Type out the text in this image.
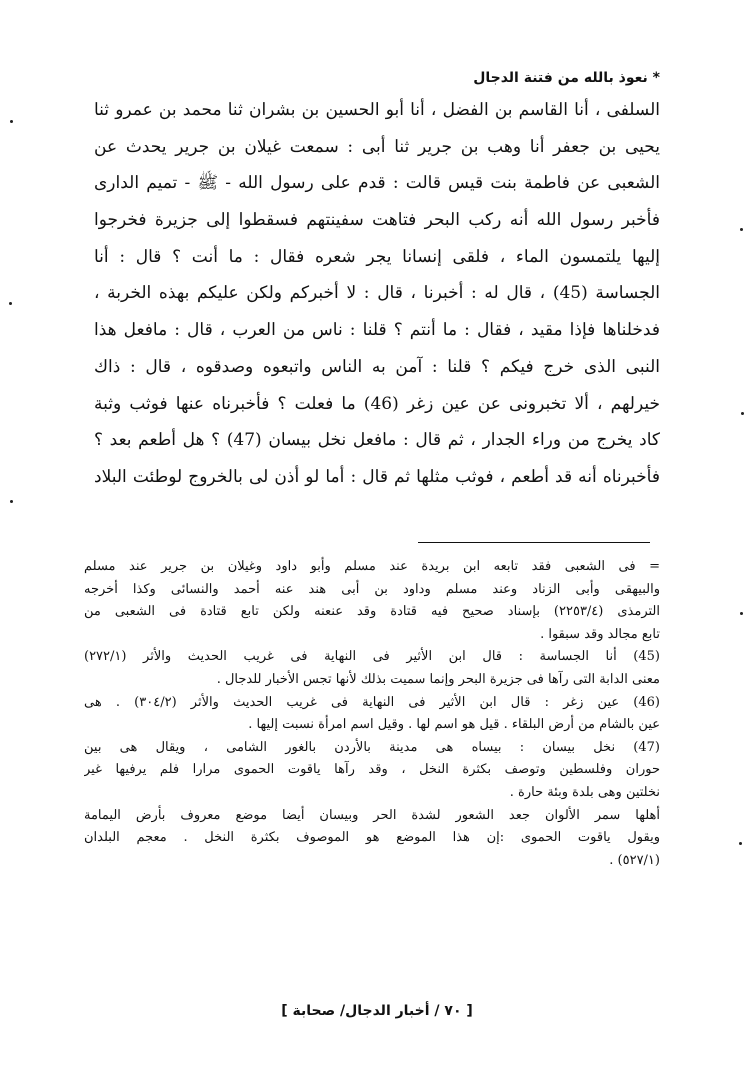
* نعوذ بالله من فتنة الدجال
السلفى ، أنا القاسم بن الفضل ، أنا أبو الحسين بن بشران ثنا محمد بن عمرو ثنا
يحيى بن جعفر أنا وهب بن جرير ثنا أبى : سمعت غيلان بن جرير يحدث عن
الشعبى عن فاطمة بنت قيس قالت : قدم على رسول الله - ﷺ - تميم الدارى
فأخبر رسول الله أنه ركب البحر فتاهت سفينتهم فسقطوا إلى جزيرة فخرجوا
إليها يلتمسون الماء ، فلقى إنسانا يجر شعره فقال : ما أنت ؟ قال : أنا
الجساسة (45) ، قال له : أخبرنا ، قال : لا أخبركم ولكن عليكم بهذه الخربة ،
فدخلناها فإذا مقيد ، فقال : ما أنتم ؟ قلنا : ناس من العرب ، قال : مافعل هذا
النبى الذى خرج فيكم ؟ قلنا : آمن به الناس واتبعوه وصدقوه ، قال : ذاك
خيرلهم ، ألا تخبرونى عن عين زغر (46) ما فعلت ؟ فأخبرناه عنها فوثب وثبة
كاد يخرج من وراء الجدار ، ثم قال : مافعل نخل بيسان (47) ؟ هل أطعم بعد ؟
فأخبرناه أنه قد أطعم ، فوثب مثلها ثم قال : أما لو أذن لى بالخروج لوطئت البلاد
= فى الشعبى فقد تابعه ابن بريدة عند مسلم وأبو داود وغيلان بن جرير عند مسلم
والبيهقى وأبى الزناد وعند مسلم وداود بن أبى هند عنه أحمد والنسائى وكذا أخرجه
الترمذى (٢٢٥٣/٤) بإسناد صحيح فيه قتادة وقد عنعنه ولكن تابع قتادة فى الشعبى من
تابع مجالد وقد سبقوا .
(45) أنا الجساسة : قال ابن الأثير فى النهاية فى غريب الحديث والأثر (٢٧٢/١)
معنى الدابة التى رآها فى جزيرة البحر وإنما سميت بذلك لأنها تجس الأخبار للدجال .
(46) عين زغر : قال ابن الأثير فى النهاية فى غريب الحديث والأثر (٣٠٤/٢) . هى
عين بالشام من أرض البلقاء . قيل هو اسم لها . وقيل اسم امرأة نسبت إليها .
(47) نخل بيسان : بيساه هى مدينة بالأردن بالغور الشامى ، ويقال هى بين
حوران وفلسطين وتوصف بكثرة النخل ، وقد رآها ياقوت الحموى مرارا فلم يرفيها غير
نخلتين وهى بلدة وبئة حارة .
أهلها سمر الألوان جعد الشعور لشدة الحر وبيسان أيضا موضع معروف بأرض اليمامة
ويقول ياقوت الحموى :إن هذا الموضع هو الموصوف بكثرة النخل . معجم البلدان
(٥٢٧/١) .
[ ٧٠ / أخبار الدجال/ صحابة ]
